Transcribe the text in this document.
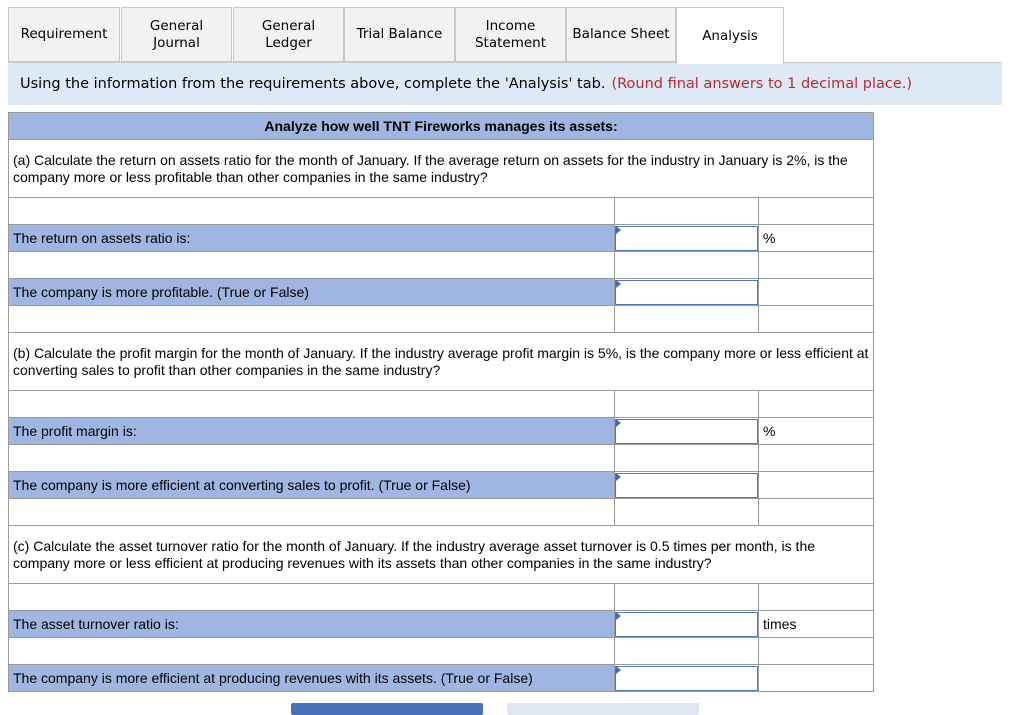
Requirement
General
Journal
General
Ledger
Trial Balance
Income
Statement
Balance Sheet Analysis
Using the information from the requirements above, complete the 'Analysis' tab. (Round final answers to 1 decimal place.)
Analyze how well TNT Fireworks manages its assets:		
(a) Calculate the return on assets ratio for the month of January. If the average return on assets for the industry in January is 2%, is the company more or less profitable than other companies in the same industry?		

The return on assets ratio is:		%

The company is more profitable. (True or False)	

(b) Calculate the profit margin for the month of January. If the industry average profit margin is 5%, is the company more or less efficient at converting sales to profit than other companies in the same industry?		

The profit margin is:		%

The company is more efficient at converting sales to profit. (True or False)	

(c) Calculate the asset turnover ratio for the month of January. If the industry average asset turnover is 0.5 times per month, is the company more or less efficient at producing revenues with its assets than other companies in the same industry?		

The asset turnover ratio is:		times

The company is more efficient at producing revenues with its assets. (True or False)	
